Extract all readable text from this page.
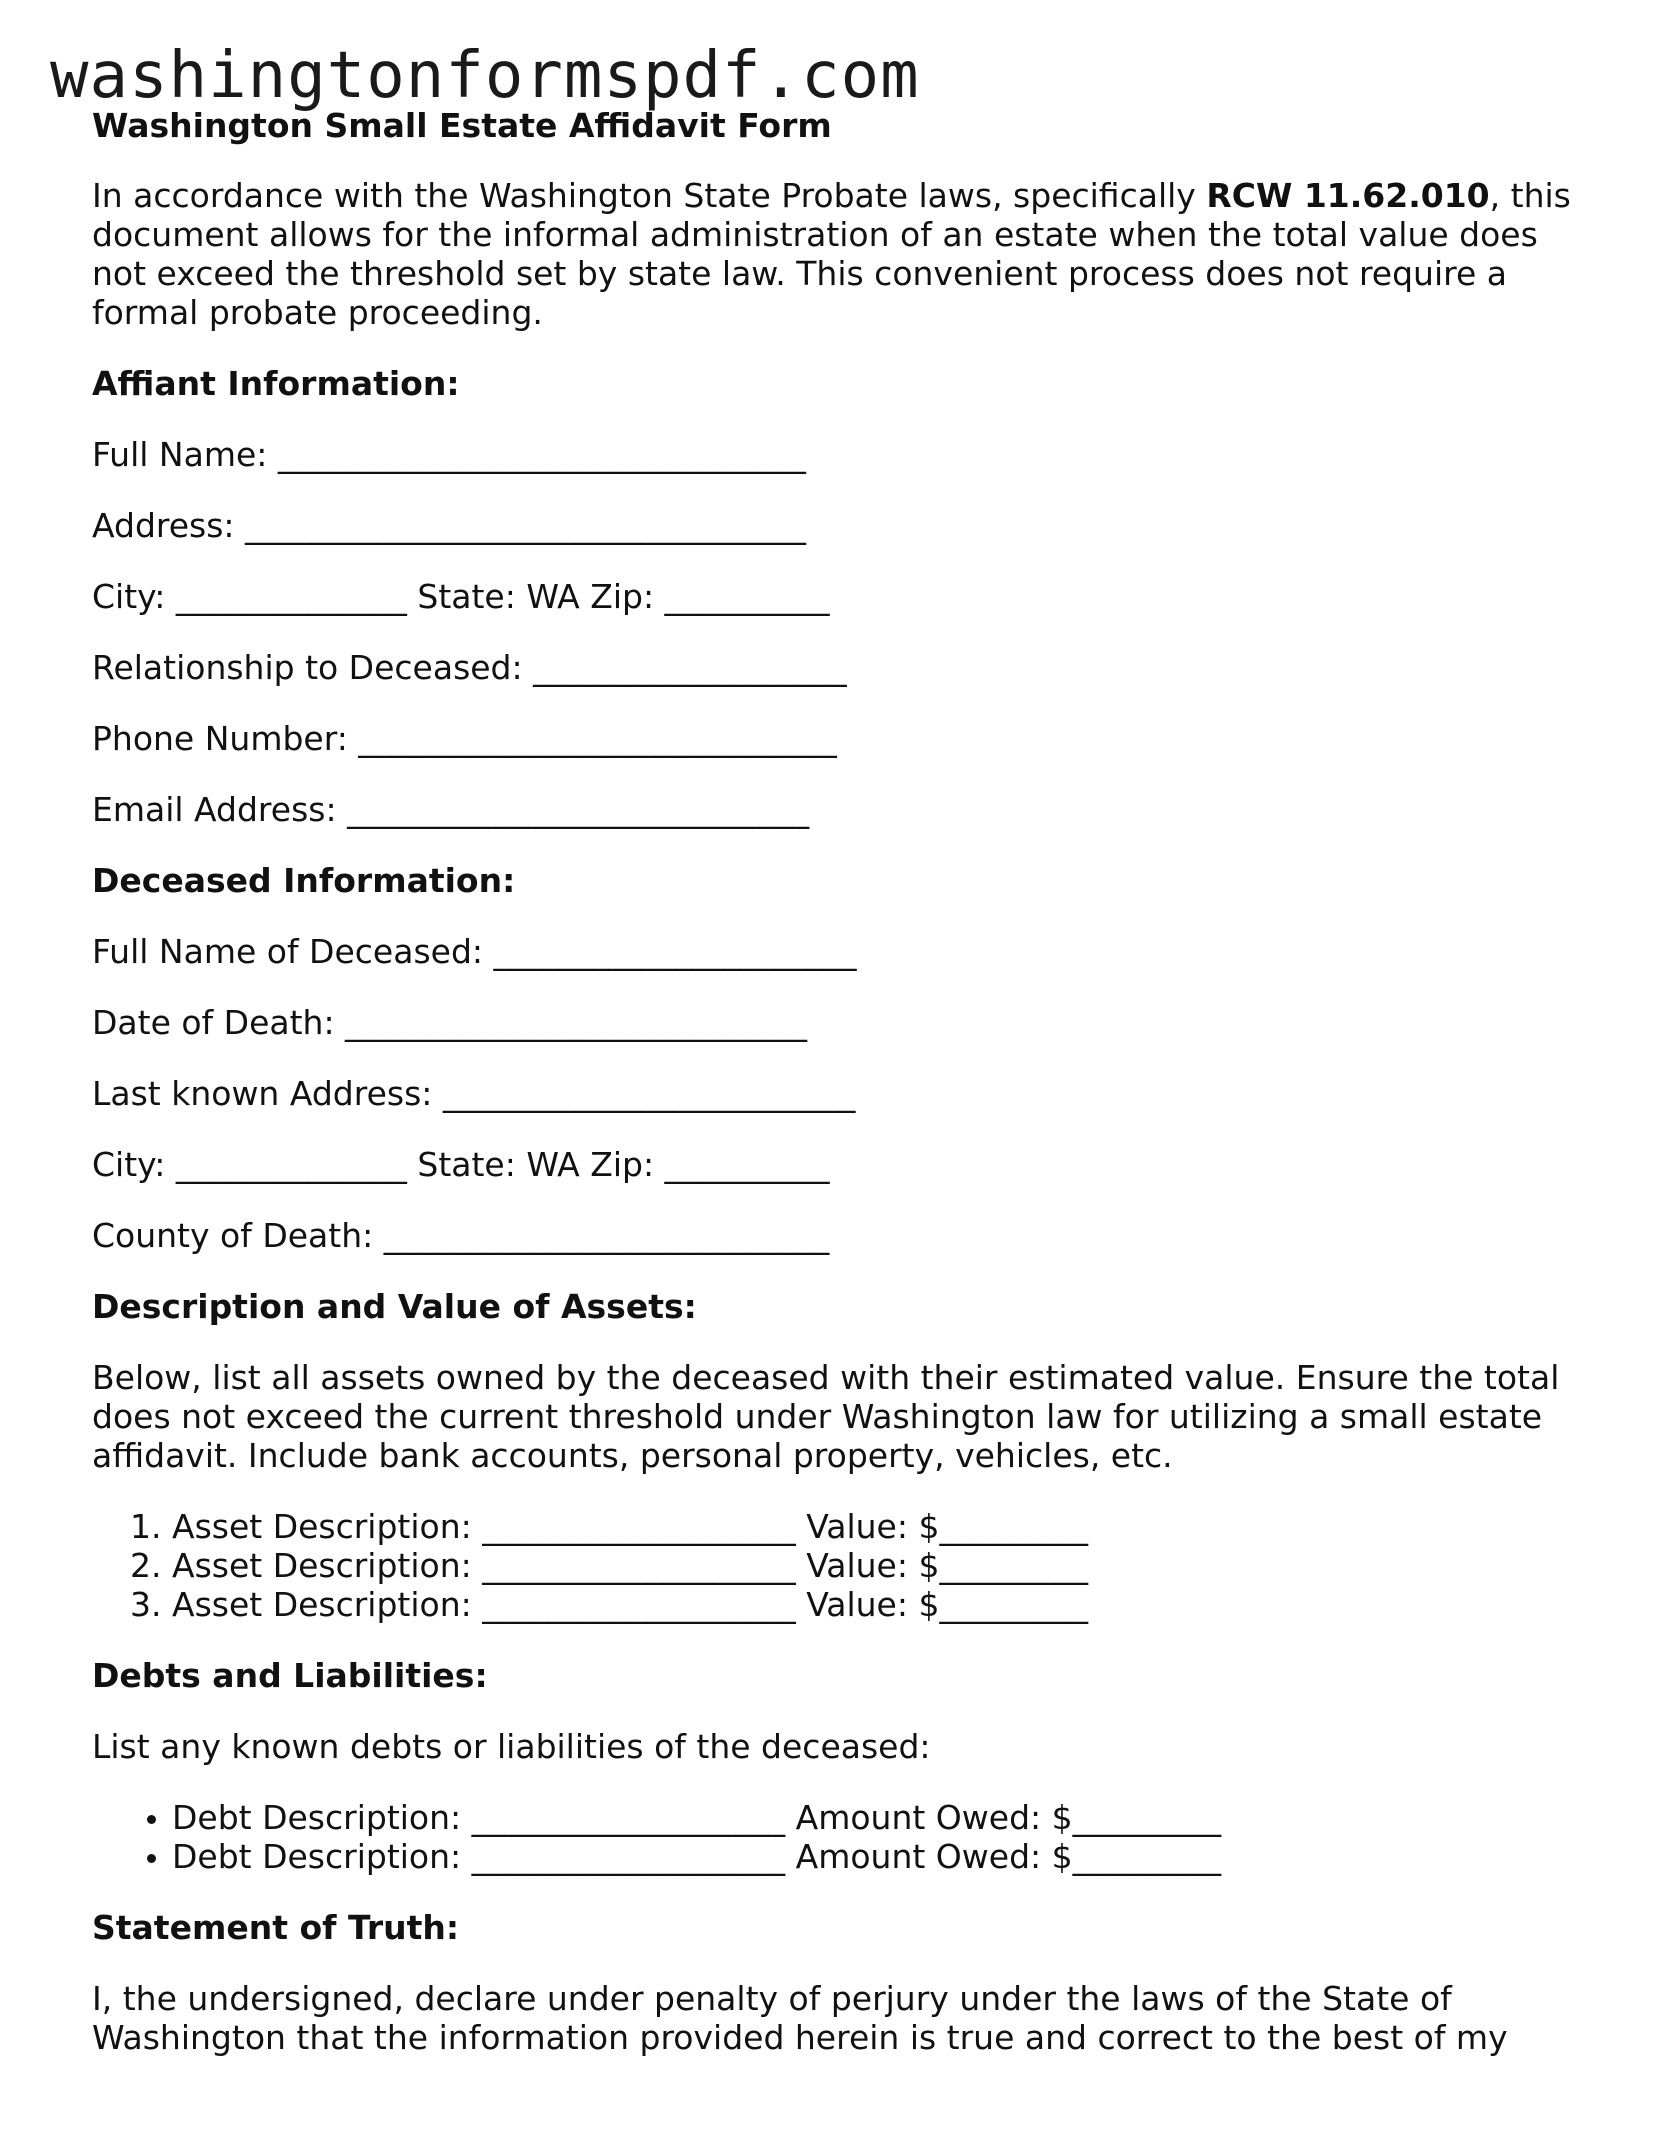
washingtonformspdf.com
Washington Small Estate Affidavit Form

In accordance with the Washington State Probate laws, specifically RCW 11.62.010, this document allows for the informal administration of an estate when the total value does not exceed the threshold set by state law. This convenient process does not require a formal probate proceeding.

Affiant Information:
Full Name: ________________________________
Address: __________________________________
City: ______________ State: WA Zip: __________
Relationship to Deceased: ___________________
Phone Number: _____________________________
Email Address: ____________________________
Deceased Information:
Full Name of Deceased: ______________________
Date of Death: ____________________________
Last known Address: _________________________
City: ______________ State: WA Zip: __________
County of Death: ___________________________
Description and Value of Assets:

Below, list all assets owned by the deceased with their estimated value. Ensure the total does not exceed the current threshold under Washington law for utilizing a small estate affidavit. Include bank accounts, personal property, vehicles, etc.

1. Asset Description: ___________________ Value: $_________
2. Asset Description: ___________________ Value: $_________
3. Asset Description: ___________________ Value: $_________
Debts and Liabilities:

List any known debts or liabilities of the deceased:

• Debt Description: ___________________ Amount Owed: $_________
• Debt Description: ___________________ Amount Owed: $_________
Statement of Truth:

I, the undersigned, declare under penalty of perjury under the laws of the State of Washington that the information provided herein is true and correct to the best of my
